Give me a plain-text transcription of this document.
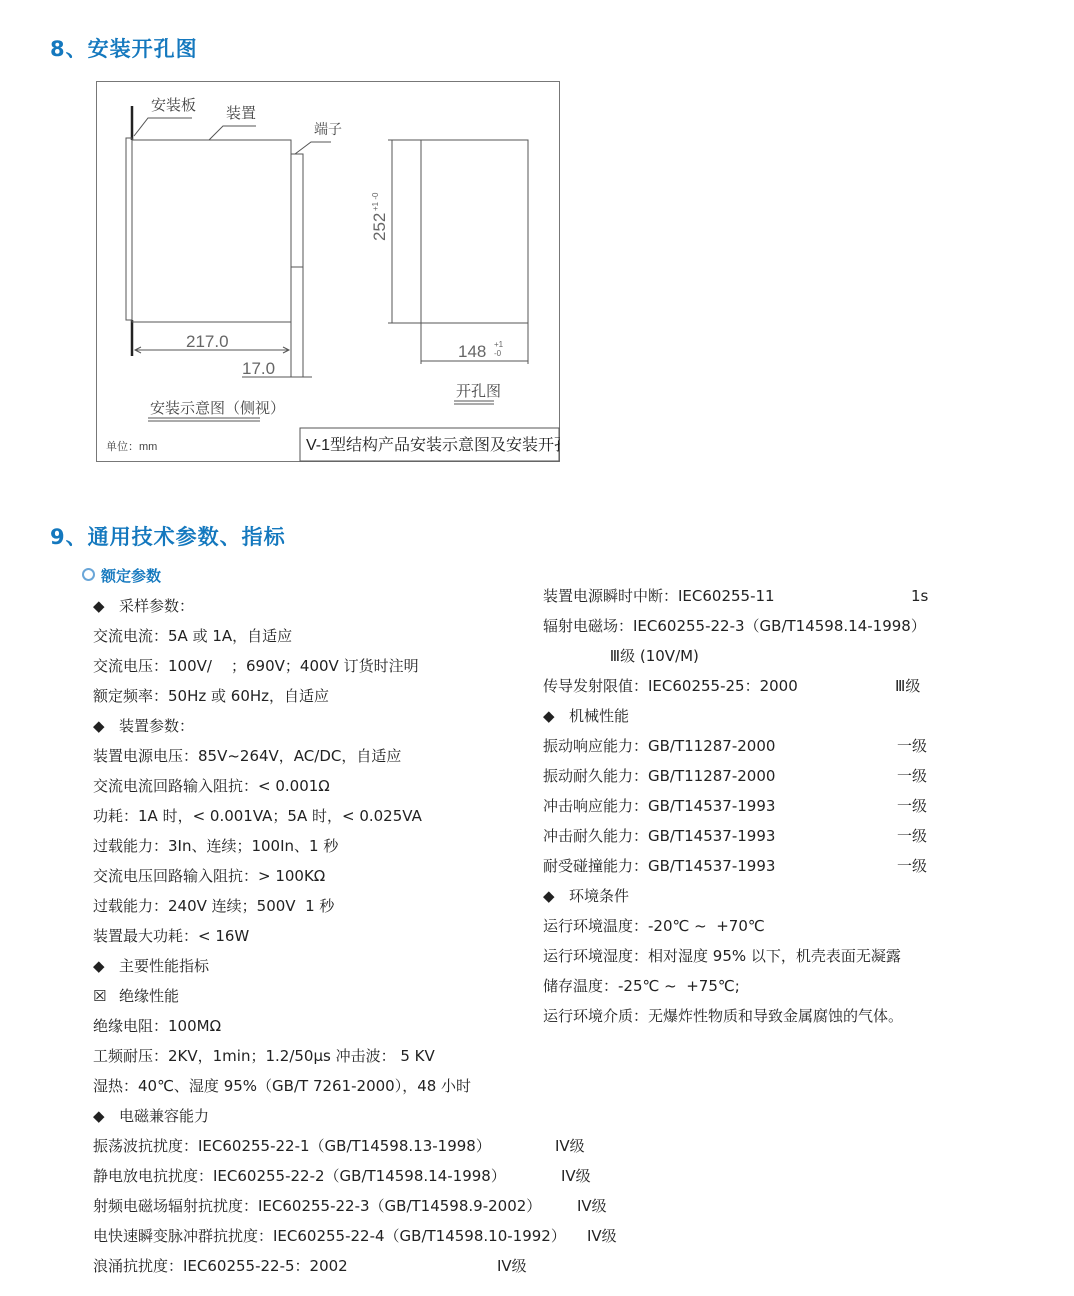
8、安装开孔图
安装板 装置
端子
217.0
17.0
252
+1 -0
148 +1
-0
安装示意图（侧视）
开孔图
单位：mm	V-1型结构产品安装示意图及安装开孔图
9、通用技术参数、指标
额定参数
◆ 采样参数：
交流电流：5A 或 1A，自适应
交流电压：100V/    ；690V；400V 订货时注明
额定频率：50Hz 或 60Hz，自适应
◆ 装置参数：
装置电源电压：85V~264V，AC/DC，自适应
交流电流回路输入阻抗：< 0.001Ω
功耗：1A 时，< 0.001VA；5A 时，< 0.025VA
过载能力：3In、连续；100In、1 秒
交流电压回路输入阻抗：> 100KΩ
过载能力：240V 连续；500V  1 秒
装置最大功耗：< 16W
◆ 主要性能指标
☒ 绝缘性能
绝缘电阻：100MΩ
工频耐压：2KV，1min；1.2/50μs 冲击波： 5 KV
湿热：40℃、湿度 95%（GB/T 7261-2000），48 小时
◆ 电磁兼容能力
振荡波抗扰度：IEC60255-22-1（GB/T14598.13-1998）	IV级
静电放电抗扰度：IEC60255-22-2（GB/T14598.14-1998）	IV级
射频电磁场辐射抗扰度：IEC60255-22-3（GB/T14598.9-2002） IV级
电快速瞬变脉冲群抗扰度：IEC60255-22-4（GB/T14598.10-1992） IV级
浪涌抗扰度：IEC60255-22-5：2002	IV级
装置电源瞬时中断：IEC60255-11	1s
辐射电磁场：IEC60255-22-3（GB/T14598.14-1998）
Ⅲ级 (10V/M)
传导发射限值：IEC60255-25：2000	Ⅲ级
◆ 机械性能
振动响应能力：GB/T11287-2000	一级
振动耐久能力：GB/T11287-2000	一级
冲击响应能力：GB/T14537-1993	一级
冲击耐久能力：GB/T14537-1993	一级
耐受碰撞能力：GB/T14537-1993	一级
◆ 环境条件
运行环境温度：-20℃ ~  +70℃
运行环境湿度：相对湿度 95% 以下，机壳表面无凝露
储存温度：-25℃ ~  +75℃;
运行环境介质：无爆炸性物质和导致金属腐蚀的气体。
